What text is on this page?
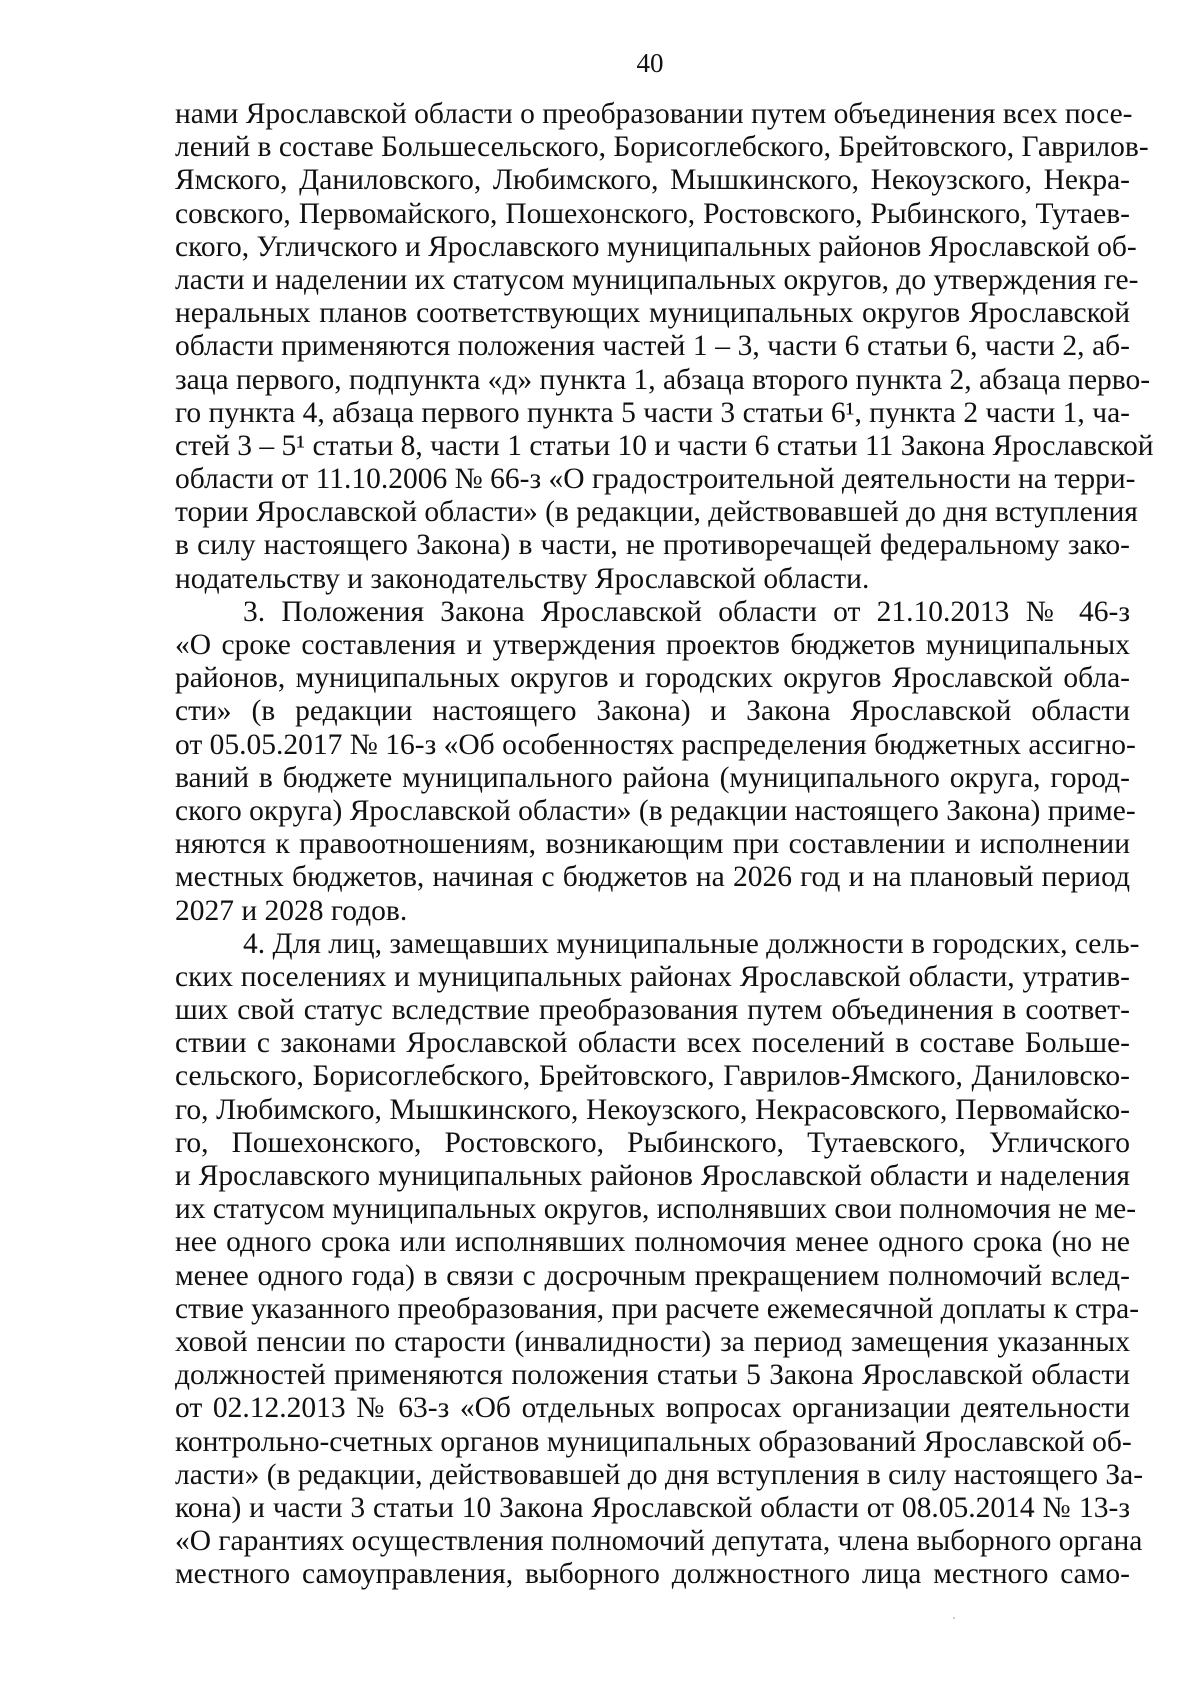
40
нами Ярославской области о преобразовании путем объединения всех посе-
лений в составе Большесельского, Борисоглебского, Брейтовского, Гаврилов-
Ямского, Даниловского, Любимского, Мышкинского, Некоузского, Некра-
совского, Первомайского, Пошехонского, Ростовского, Рыбинского, Тутаев-
ского, Угличского и Ярославского муниципальных районов Ярославской об-
ласти и наделении их статусом муниципальных округов, до утверждения ге-
неральных планов соответствующих муниципальных округов Ярославской
области применяются положения частей 1 – 3, части 6 статьи 6, части 2, аб-
заца первого, подпункта «д» пункта 1, абзаца второго пункта 2, абзаца перво-
го пункта 4, абзаца первого пункта 5 части 3 статьи 6¹, пункта 2 части 1, ча-
стей 3 – 5¹ статьи 8, части 1 статьи 10 и части 6 статьи 11 Закона Ярославской
области от 11.10.2006 № 66-з «О градостроительной деятельности на терри-
тории Ярославской области» (в редакции, действовавшей до дня вступления
в силу настоящего Закона) в части, не противоречащей федеральному зако-
нодательству и законодательству Ярославской области.
3. Положения Закона Ярославской области от 21.10.2013 № 46-з
«О сроке составления и утверждения проектов бюджетов муниципальных
районов, муниципальных округов и городских округов Ярославской обла-
сти» (в редакции настоящего Закона) и Закона Ярославской области
от 05.05.2017 № 16-з «Об особенностях распределения бюджетных ассигно-
ваний в бюджете муниципального района (муниципального округа, город-
ского округа) Ярославской области» (в редакции настоящего Закона) приме-
няются к правоотношениям, возникающим при составлении и исполнении
местных бюджетов, начиная с бюджетов на 2026 год и на плановый период
2027 и 2028 годов.
4. Для лиц, замещавших муниципальные должности в городских, сель-
ских поселениях и муниципальных районах Ярославской области, утратив-
ших свой статус вследствие преобразования путем объединения в соответ-
ствии с законами Ярославской области всех поселений в составе Больше-
сельского, Борисоглебского, Брейтовского, Гаврилов-Ямского, Даниловско-
го, Любимского, Мышкинского, Некоузского, Некрасовского, Первомайско-
го, Пошехонского, Ростовского, Рыбинского, Тутаевского, Угличского
и Ярославского муниципальных районов Ярославской области и наделения
их статусом муниципальных округов, исполнявших свои полномочия не ме-
нее одного срока или исполнявших полномочия менее одного срока (но не
менее одного года) в связи с досрочным прекращением полномочий вслед-
ствие указанного преобразования, при расчете ежемесячной доплаты к стра-
ховой пенсии по старости (инвалидности) за период замещения указанных
должностей применяются положения статьи 5 Закона Ярославской области
от 02.12.2013 № 63-з «Об отдельных вопросах организации деятельности
контрольно-счетных органов муниципальных образований Ярославской об-
ласти» (в редакции, действовавшей до дня вступления в силу настоящего За-
кона) и части 3 статьи 10 Закона Ярославской области от 08.05.2014 № 13-з
«О гарантиях осуществления полномочий депутата, члена выборного органа
местного самоуправления, выборного должностного лица местного само-
